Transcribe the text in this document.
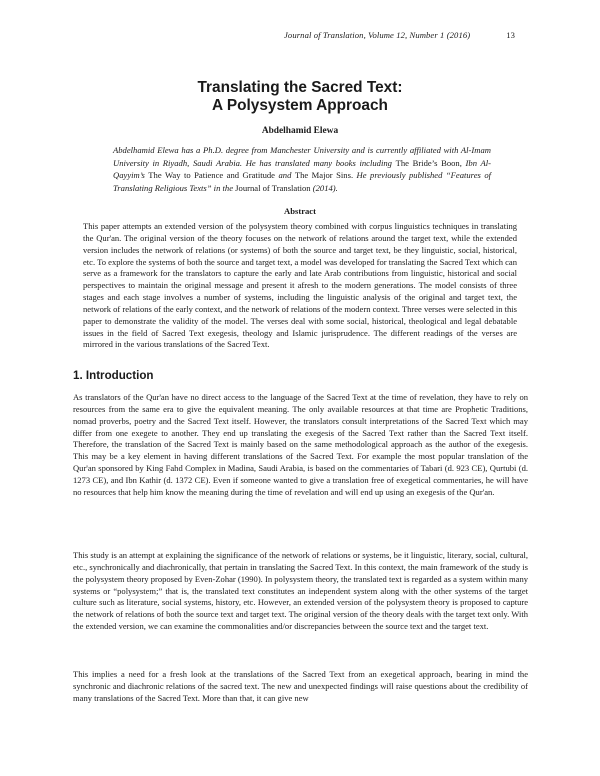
Journal of Translation, Volume 12, Number 1 (2016)	13
Translating the Sacred Text:
A Polysystem Approach
Abdelhamid Elewa
Abdelhamid Elewa has a Ph.D. degree from Manchester University and is currently affiliated with Al-Imam University in Riyadh, Saudi Arabia. He has translated many books including The Bride’s Boon, Ibn Al-Qayyim’s The Way to Patience and Gratitude and The Major Sins. He previously published “Features of Translating Religious Texts” in the Journal of Translation (2014).
Abstract
This paper attempts an extended version of the polysystem theory combined with corpus linguistics techniques in translating the Qur'an. The original version of the theory focuses on the network of relations around the target text, while the extended version includes the network of relations (or systems) of both the source and target text, be they linguistic, social, historical, etc. To explore the systems of both the source and target text, a model was developed for translating the Sacred Text which can serve as a framework for the translators to capture the early and late Arab contributions from linguistic, historical and social perspectives to maintain the original message and present it afresh to the modern generations. The model consists of three stages and each stage involves a number of systems, including the linguistic analysis of the original and target text, the network of relations of the early context, and the network of relations of the modern context. Three verses were selected in this paper to demonstrate the validity of the model. The verses deal with some social, historical, theological and legal debatable issues in the field of Sacred Text exegesis, theology and Islamic jurisprudence. The different readings of the verses are mirrored in the various translations of the Sacred Text.
1. Introduction

As translators of the Qur'an have no direct access to the language of the Sacred Text at the time of revelation, they have to rely on resources from the same era to give the equivalent meaning. The only available resources at that time are Prophetic Traditions, nomad proverbs, poetry and the Sacred Text itself. However, the translators consult interpretations of the Sacred Text which may differ from one exegete to another. They end up translating the exegesis of the Sacred Text rather than the Sacred Text itself. Therefore, the translation of the Sacred Text is mainly based on the same methodological approach as the author of the exegesis. This may be a key element in having different translations of the Sacred Text. For example the most popular translation of the Qur'an sponsored by King Fahd Complex in Madina, Saudi Arabia, is based on the commentaries of Tabari (d. 923 CE), Qurtubi (d. 1273 CE), and Ibn Kathir (d. 1372 CE). Even if someone wanted to give a translation free of exegetical commentaries, he will have no resources that help him know the meaning during the time of revelation and will end up using an exegesis of the Qur'an.

This study is an attempt at explaining the significance of the network of relations or systems, be it linguistic, literary, social, cultural, etc., synchronically and diachronically, that pertain in translating the Sacred Text. In this context, the main framework of the study is the polysystem theory proposed by Even-Zohar (1990). In polysystem theory, the translated text is regarded as a system within many systems or “polysystem;” that is, the translated text constitutes an independent system along with the other systems of the target culture such as literature, social systems, history, etc. However, an extended version of the polysystem theory is proposed to capture the network of relations of both the source text and target text. The original version of the theory deals with the target text only. With the extended version, we can examine the commonalities and/or discrepancies between the source text and the target text.

This implies a need for a fresh look at the translations of the Sacred Text from an exegetical approach, bearing in mind the synchronic and diachronic relations of the sacred text. The new and unexpected findings will raise questions about the credibility of many translations of the Sacred Text. More than that, it can give new
